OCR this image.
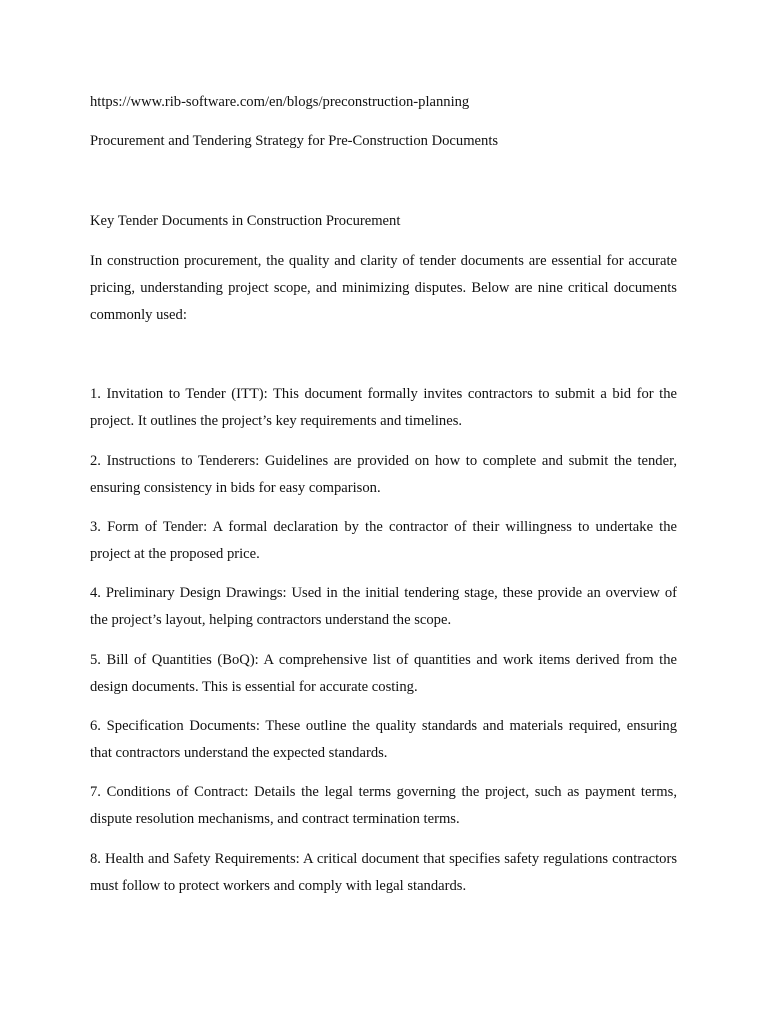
https://www.rib-software.com/en/blogs/preconstruction-planning
Procurement and Tendering Strategy for Pre-Construction Documents
Key Tender Documents in Construction Procurement

In construction procurement, the quality and clarity of tender documents are essential for accurate pricing, understanding project scope, and minimizing disputes. Below are nine critical documents commonly used:

1. Invitation to Tender (ITT): This document formally invites contractors to submit a bid for the project. It outlines the project’s key requirements and timelines.

2. Instructions to Tenderers: Guidelines are provided on how to complete and submit the tender, ensuring consistency in bids for easy comparison.

3. Form of Tender: A formal declaration by the contractor of their willingness to undertake the project at the proposed price.

4. Preliminary Design Drawings: Used in the initial tendering stage, these provide an overview of the project’s layout, helping contractors understand the scope.

5. Bill of Quantities (BoQ): A comprehensive list of quantities and work items derived from the design documents. This is essential for accurate costing.

6. Specification Documents: These outline the quality standards and materials required, ensuring that contractors understand the expected standards.

7. Conditions of Contract: Details the legal terms governing the project, such as payment terms, dispute resolution mechanisms, and contract termination terms.

8. Health and Safety Requirements: A critical document that specifies safety regulations contractors must follow to protect workers and comply with legal standards.
